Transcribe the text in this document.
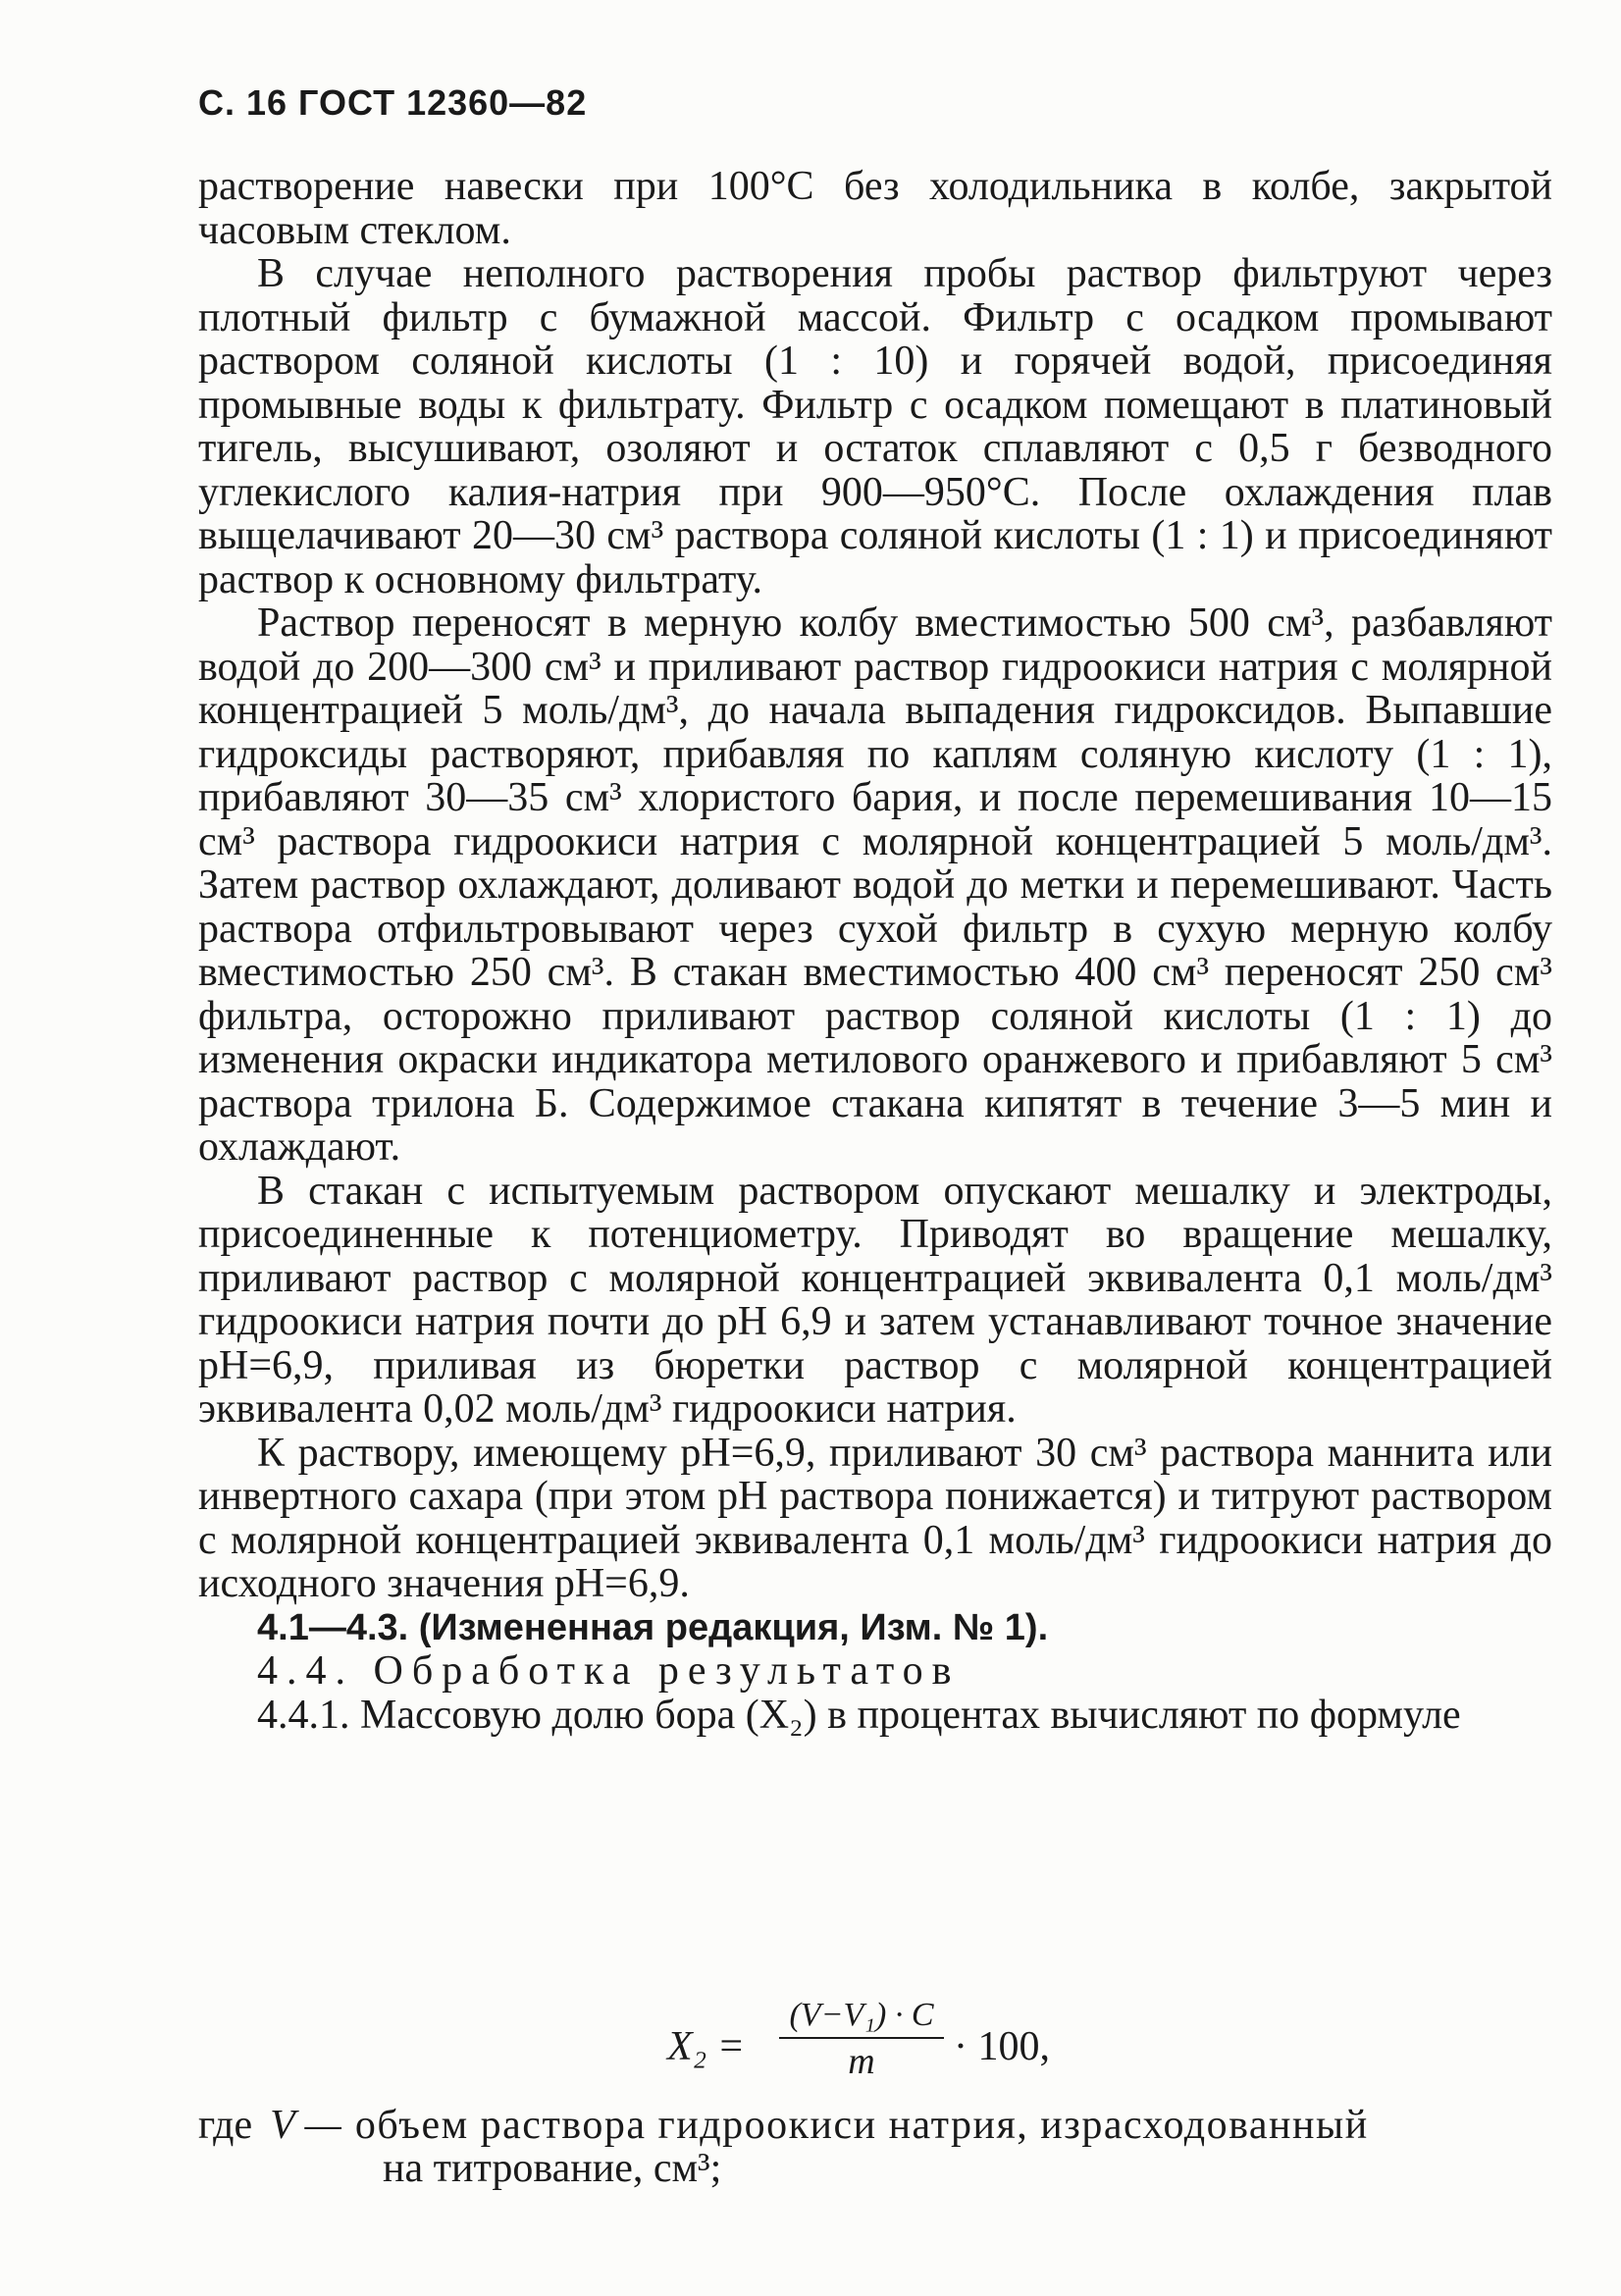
С. 16 ГОСТ 12360—82

растворение навески при 100°C без холодильника в колбе, закрытой часовым стеклом.

В случае неполного растворения пробы раствор фильтруют через плотный фильтр с бумажной массой. Фильтр с осадком промывают раствором соляной кислоты (1 : 10) и горячей водой, присоединяя промывные воды к фильтрату. Фильтр с осадком помещают в платиновый тигель, высушивают, озоляют и остаток сплавляют с 0,5 г безводного углекислого калия-натрия при 900—950°С. После охлаждения плав выщелачивают 20—30 см³ раствора соляной кислоты (1 : 1) и присоединяют раствор к основному фильтрату.

Раствор переносят в мерную колбу вместимостью 500 см³, разбавляют водой до 200—300 см³ и приливают раствор гидроокиси натрия с молярной концентрацией 5 моль/дм³, до начала выпадения гидроксидов. Выпавшие гидроксиды растворяют, прибавляя по каплям соляную кислоту (1 : 1), прибавляют 30—35 см³ хлористого бария, и после перемешивания 10—15 см³ раствора гидроокиси натрия с молярной концентрацией 5 моль/дм³. Затем раствор охлаждают, доливают водой до метки и перемешивают. Часть раствора отфильтровывают через сухой фильтр в сухую мерную колбу вместимостью 250 см³. В стакан вместимостью 400 см³ переносят 250 см³ фильтра, осторожно приливают раствор соляной кислоты (1 : 1) до изменения окраски индикатора метилового оранжевого и прибавляют 5 см³ раствора трилона Б. Содержимое стакана кипятят в течение 3—5 мин и охлаждают.

В стакан с испытуемым раствором опускают мешалку и электроды, присоединенные к потенциометру. Приводят во вращение мешалку, приливают раствор с молярной концентрацией эквивалента 0,1 моль/дм³ гидроокиси натрия почти до pH 6,9 и затем устанавливают точное значение pH=6,9, приливая из бюретки раствор с молярной концентрацией эквивалента 0,02 моль/дм³ гидроокиси натрия.

К раствору, имеющему pH=6,9, приливают 30 см³ раствора маннита или инвертного сахара (при этом pH раствора понижается) и титруют раствором с молярной концентрацией эквивалента 0,1 моль/дм³ гидроокиси натрия до исходного значения pH=6,9.

4.1—4.3. (Измененная редакция, Изм. № 1).

4.4. Обработка результатов

4.4.1. Массовую долю бора (X₂) в процентах вычисляют по формуле

X₂ =
(V−V₁) · C
m	· 100,
где V — объем раствора гидроокиси натрия, израсходованный
на титрование, см³;
